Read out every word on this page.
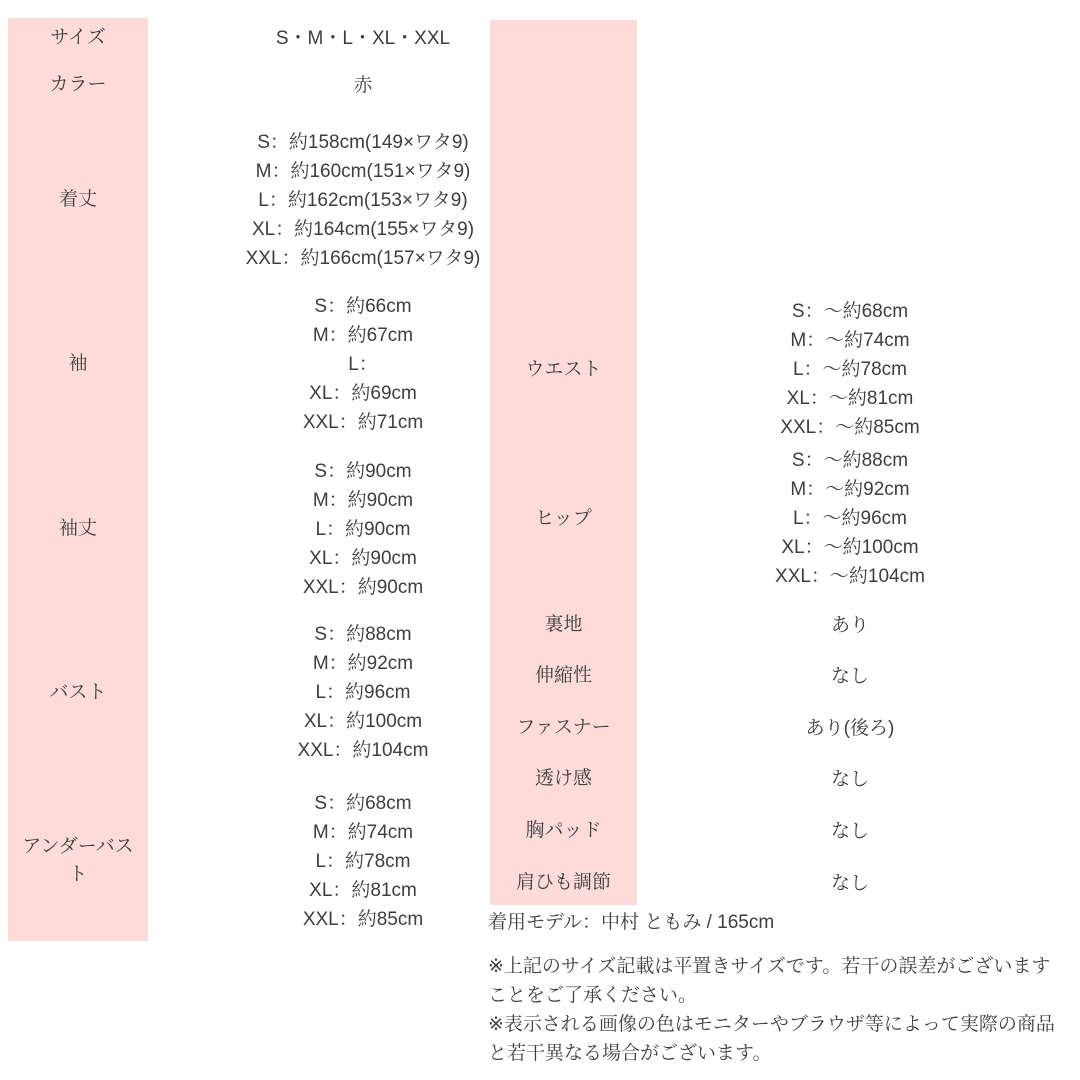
サイズ
カラー
着丈
袖
袖丈
バスト
アンダーバスト
S・M・L・XL・XXL
赤
S：約158cm(149×ワタ9)
M：約160cm(151×ワタ9)
L：約162cm(153×ワタ9)
XL：約164cm(155×ワタ9)
XXL：約166cm(157×ワタ9)
S：約66cm
M：約67cm
L：
XL：約69cm
XXL：約71cm
S：約90cm
M：約90cm
L：約90cm
XL：約90cm
XXL：約90cm
S：約88cm
M：約92cm
L：約96cm
XL：約100cm
XXL：約104cm
S：約68cm
M：約74cm
L：約78cm
XL：約81cm
XXL：約85cm
ウエスト
ヒップ
裏地
伸縮性
ファスナー
透け感
胸パッド
肩ひも調節
S：〜約68cm
M：〜約74cm
L：〜約78cm
XL：〜約81cm
XXL：〜約85cm
S：〜約88cm
M：〜約92cm
L：〜約96cm
XL：〜約100cm
XXL：〜約104cm
あり
なし
あり(後ろ)
なし
なし
なし
着用モデル：中村 ともみ / 165cm
※上記のサイズ記載は平置きサイズです。若干の誤差がございます
ことをご了承ください。
※表示される画像の色はモニターやブラウザ等によって実際の商品
と若干異なる場合がございます。
